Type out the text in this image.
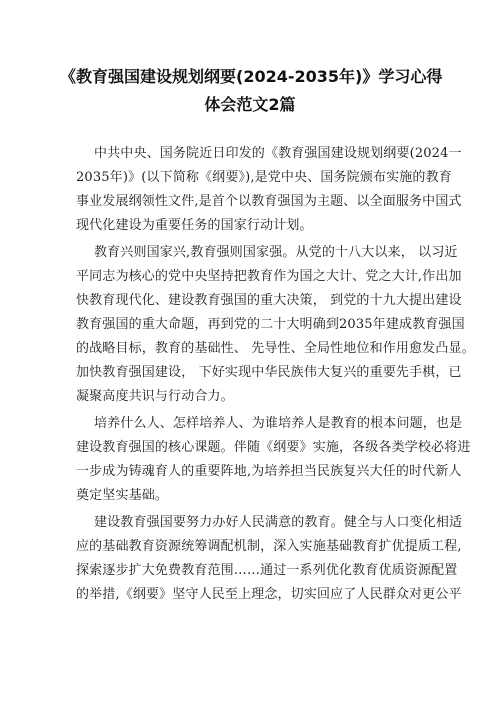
《教育强国建设规划纲要(2024-2035年)》学习心得
体会范文2篇
中共中央、国务院近日印发的《教育强国建设规划纲要(2024一
2035年)》(以下简称《纲要》),是党中央、国务院颁布实施的教育
事业发展纲领性文件,是首个以教育强国为主题、以全面服务中国式
现代化建设为重要任务的国家行动计划。
教育兴则国家兴,教育强则国家强。从党的十八大以来， 以习近
平同志为核心的党中央坚持把教育作为国之大计、党之大计,作出加
快教育现代化、建设教育强国的重大决策， 到党的十九大提出建设
教育强国的重大命题，再到党的二十大明确到2035年建成教育强国
的战略目标，教育的基础性、 先导性、全局性地位和作用愈发凸显。
加快教育强国建设， 下好实现中华民族伟大复兴的重要先手棋，已
凝聚高度共识与行动合力。
培养什么人、怎样培养人、为谁培养人是教育的根本问题，也是
建设教育强国的核心课题。伴随《纲要》实施，各级各类学校必将进
一步成为铸魂育人的重要阵地,为培养担当民族复兴大任的时代新人
奠定坚实基础。
建设教育强国要努力办好人民满意的教育。健全与人口变化相适
应的基础教育资源统筹调配机制，深入实施基础教育扩优提质工程,
探索逐步扩大免费教育范围……通过一系列优化教育优质资源配置
的举措,《纲要》坚守人民至上理念，切实回应了人民群众对更公平
